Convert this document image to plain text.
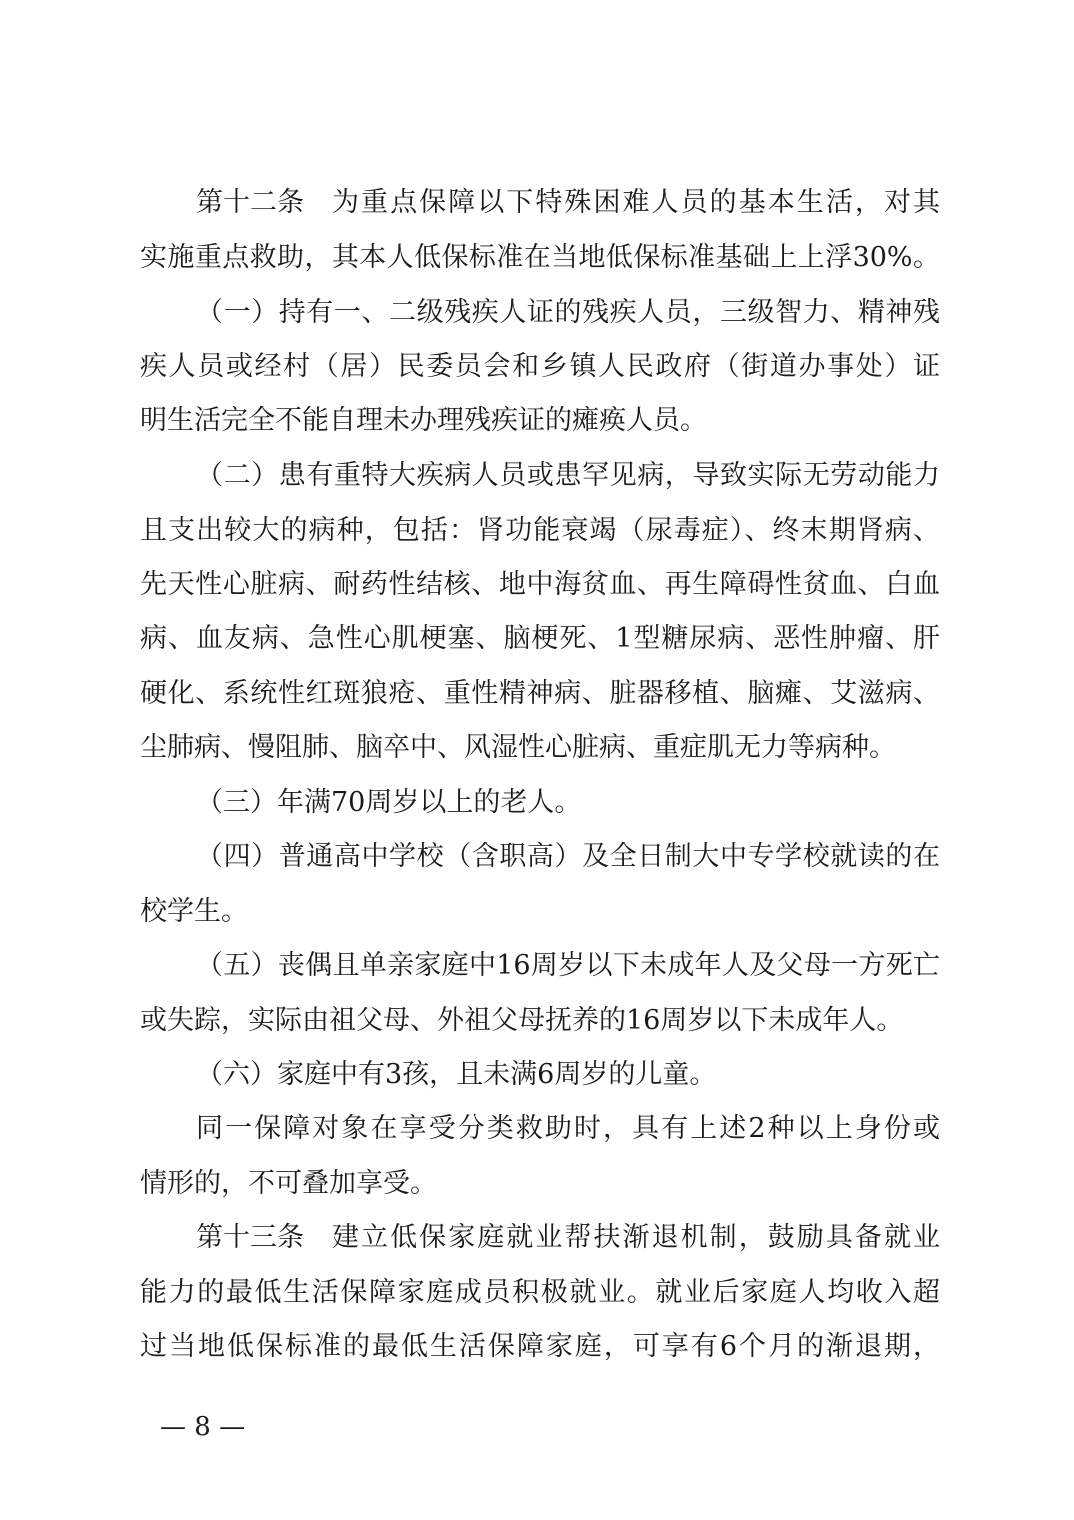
第十二条 为重点保障以下特殊困难人员的基本生活，对其
实施重点救助，其本人低保标准在当地低保标准基础上上浮30%。
（一）持有一、二级残疾人证的残疾人员，三级智力、精神残
疾人员或经村（居）民委员会和乡镇人民政府（街道办事处）证
明生活完全不能自理未办理残疾证的瘫痪人员。
（二）患有重特大疾病人员或患罕见病，导致实际无劳动能力
且支出较大的病种，包括：肾功能衰竭（尿毒症）、终末期肾病、
先天性心脏病、耐药性结核、地中海贫血、再生障碍性贫血、白血
病、血友病、急性心肌梗塞、脑梗死、1型糖尿病、恶性肿瘤、肝
硬化、系统性红斑狼疮、重性精神病、脏器移植、脑瘫、艾滋病、
尘肺病、慢阻肺、脑卒中、风湿性心脏病、重症肌无力等病种。
（三）年满70周岁以上的老人。
（四）普通高中学校（含职高）及全日制大中专学校就读的在
校学生。
（五）丧偶且单亲家庭中16周岁以下未成年人及父母一方死亡
或失踪，实际由祖父母、外祖父母抚养的16周岁以下未成年人。
（六）家庭中有3孩，且未满6周岁的儿童。
同一保障对象在享受分类救助时，具有上述2种以上身份或
情形的，不可叠加享受。
第十三条 建立低保家庭就业帮扶渐退机制，鼓励具备就业
能力的最低生活保障家庭成员积极就业。就业后家庭人均收入超
过当地低保标准的最低生活保障家庭，可享有6个月的渐退期，
— 8 —
